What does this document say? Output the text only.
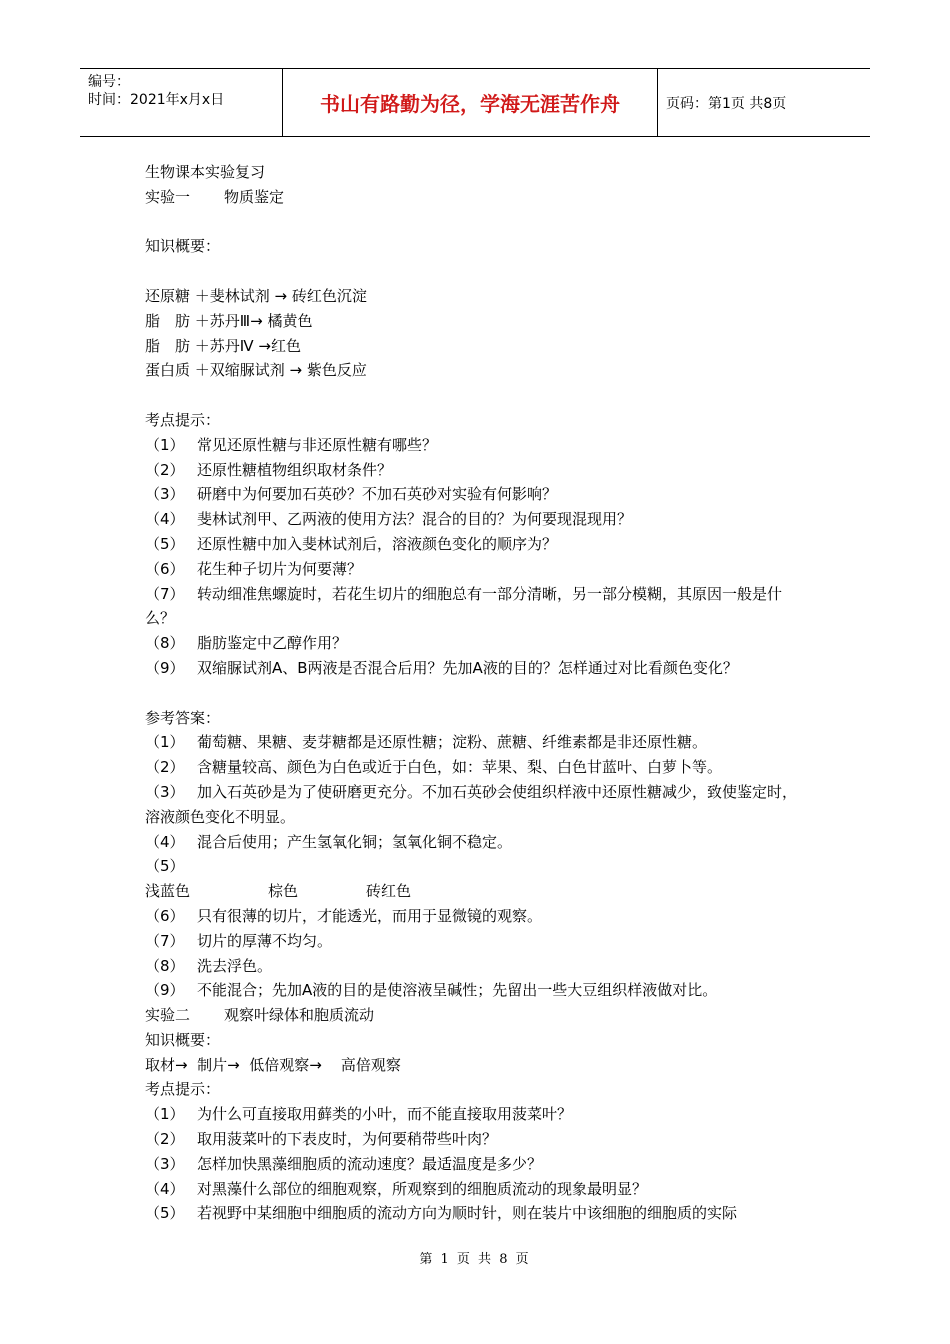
编号：
时间：2021年x月x日	书山有路勤为径，学海无涯苦作舟	页码：第1页 共8页
生物课本实验复习
实验一 物质鉴定
知识概要：
还原糖 ＋斐林试剂 → 砖红色沉淀
脂　肪 ＋苏丹Ⅲ→ 橘黄色
脂　肪 ＋苏丹Ⅳ →红色
蛋白质 ＋双缩脲试剂 → 紫色反应
考点提示：
（1） 常见还原性糖与非还原性糖有哪些？
（2） 还原性糖植物组织取材条件？
（3） 研磨中为何要加石英砂？不加石英砂对实验有何影响？
（4） 斐林试剂甲、乙两液的使用方法？混合的目的？为何要现混现用？
（5） 还原性糖中加入斐林试剂后，溶液颜色变化的顺序为？
（6） 花生种子切片为何要薄？
（7） 转动细准焦螺旋时，若花生切片的细胞总有一部分清晰，另一部分模糊，其原因一般是什么？
（8） 脂肪鉴定中乙醇作用？
（9） 双缩脲试剂A、B两液是否混合后用？先加A液的目的？怎样通过对比看颜色变化？
参考答案：
（1） 葡萄糖、果糖、麦芽糖都是还原性糖；淀粉、蔗糖、纤维素都是非还原性糖。
（2） 含糖量较高、颜色为白色或近于白色，如：苹果、梨、白色甘蓝叶、白萝卜等。
（3） 加入石英砂是为了使研磨更充分。不加石英砂会使组织样液中还原性糖减少，致使鉴定时，溶液颜色变化不明显。
（4） 混合后使用；产生氢氧化铜；氢氧化铜不稳定。
（5）
浅蓝色	棕色	砖红色
（6） 只有很薄的切片，才能透光，而用于显微镜的观察。
（7） 切片的厚薄不均匀。
（8） 洗去浮色。
（9） 不能混合；先加A液的目的是使溶液呈碱性；先留出一些大豆组织样液做对比。
实验二 观察叶绿体和胞质流动
知识概要：
取材→ 制片→ 低倍观察→ 高倍观察
考点提示：
（1） 为什么可直接取用藓类的小叶，而不能直接取用菠菜叶？
（2） 取用菠菜叶的下表皮时，为何要稍带些叶肉？
（3） 怎样加快黑藻细胞质的流动速度？最适温度是多少？
（4） 对黑藻什么部位的细胞观察，所观察到的细胞质流动的现象最明显？
（5） 若视野中某细胞中细胞质的流动方向为顺时针，则在装片中该细胞的细胞质的实际
第 1 页 共 8 页
